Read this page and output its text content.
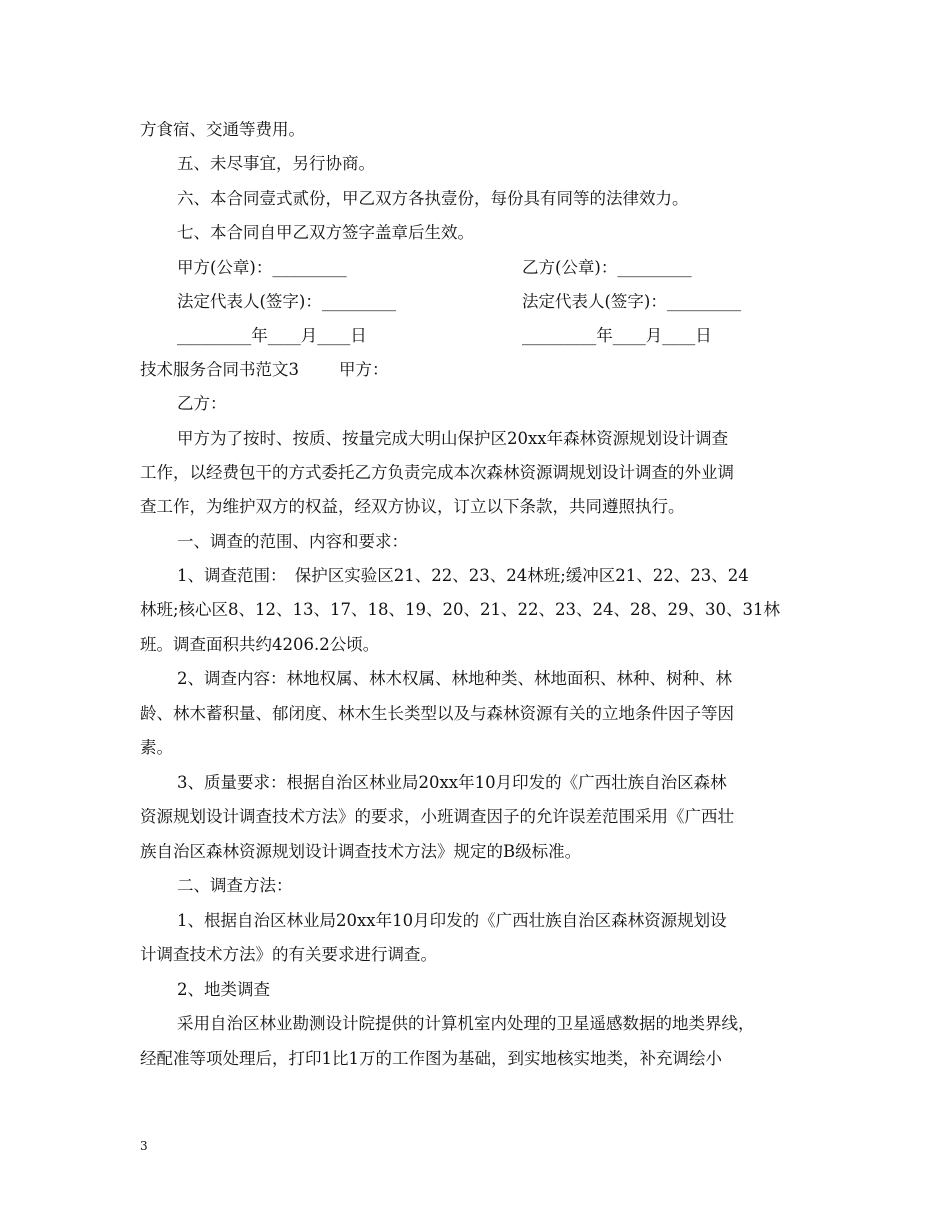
方食宿、交通等费用。
五、未尽事宜，另行协商。
六、本合同壹式贰份，甲乙双方各执壹份，每份具有同等的法律效力。
七、本合同自甲乙双方签字盖章后生效。
甲方(公章)：_________	乙方(公章)：_________
法定代表人(签字)：_________	法定代表人(签字)：_________
_________年____月____日	_________年____月____日
技术服务合同书范文3 甲方：
乙方：
甲方为了按时、按质、按量完成大明山保护区20xx年森林资源规划设计调查
工作，以经费包干的方式委托乙方负责完成本次森林资源调规划设计调查的外业调
查工作，为维护双方的权益，经双方协议，订立以下条款，共同遵照执行。
一、调查的范围、内容和要求：
1、调查范围：　保护区实验区21、22、23、24林班;缓冲区21、22、23、24
林班;核心区8、12、13、17、18、19、20、21、22、23、24、28、29、30、31林
班。调查面积共约4206.2公顷。
2、调查内容：林地权属、林木权属、林地种类、林地面积、林种、树种、林
龄、林木蓄积量、郁闭度、林木生长类型以及与森林资源有关的立地条件因子等因
素。
3、质量要求：根据自治区林业局20xx年10月印发的《广西壮族自治区森林
资源规划设计调查技术方法》的要求，小班调查因子的允许误差范围采用《广西壮
族自治区森林资源规划设计调查技术方法》规定的B级标准。
二、调查方法：
1、根据自治区林业局20xx年10月印发的《广西壮族自治区森林资源规划设
计调查技术方法》的有关要求进行调查。
2、地类调查
采用自治区林业勘测设计院提供的计算机室内处理的卫星遥感数据的地类界线，
经配准等项处理后，打印1比1万的工作图为基础，到实地核实地类，补充调绘小
3
